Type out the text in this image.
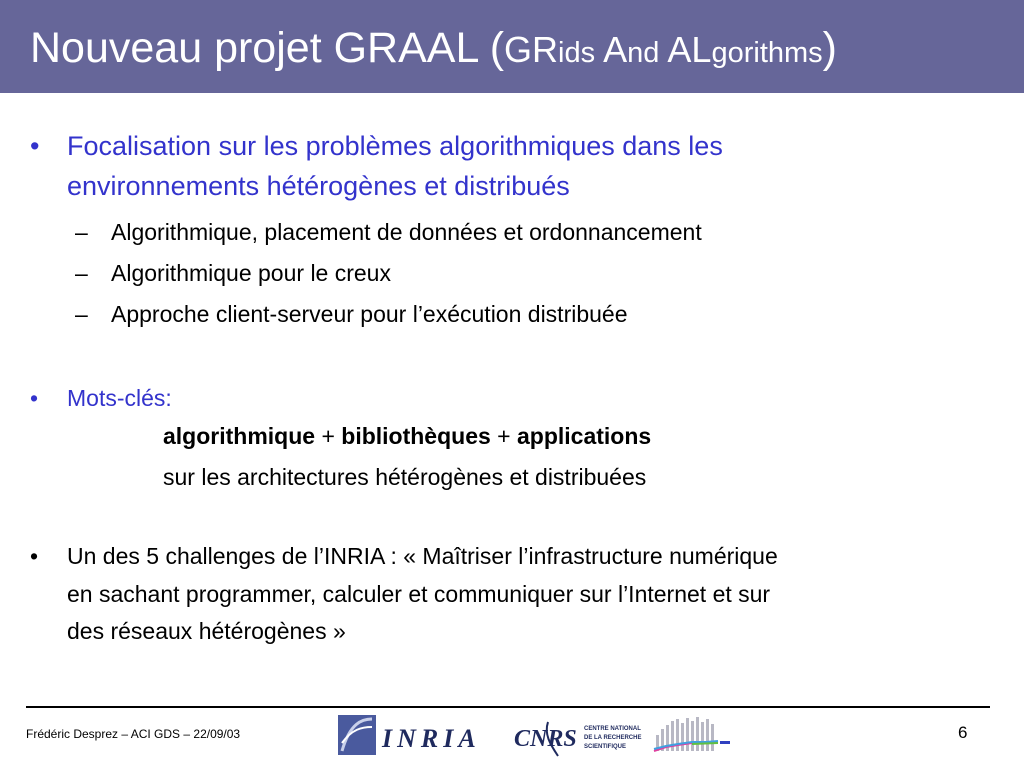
Nouveau projet GRAAL (GRids And ALgorithms)
•	Focalisation sur les problèmes algorithmiques dans les
environnements hétérogènes et distribués
– Algorithmique, placement de données et ordonnancement
– Algorithmique pour le creux
– Approche client-serveur pour l’exécution distribuée
•	Mots-clés:
algorithmique + bibliothèques + applications
sur les architectures hétérogènes et distribuées
•	Un des 5 challenges de l’INRIA : « Maîtriser l’infrastructure numérique
en sachant programmer, calculer et communiquer sur l’Internet et sur
des réseaux hétérogènes »
Frédéric Desprez – ACI GDS – 22/09/03	INRIA CNRS CENTRE NATIONAL
DE LA RECHERCHE
SCIENTIFIQUE
6
